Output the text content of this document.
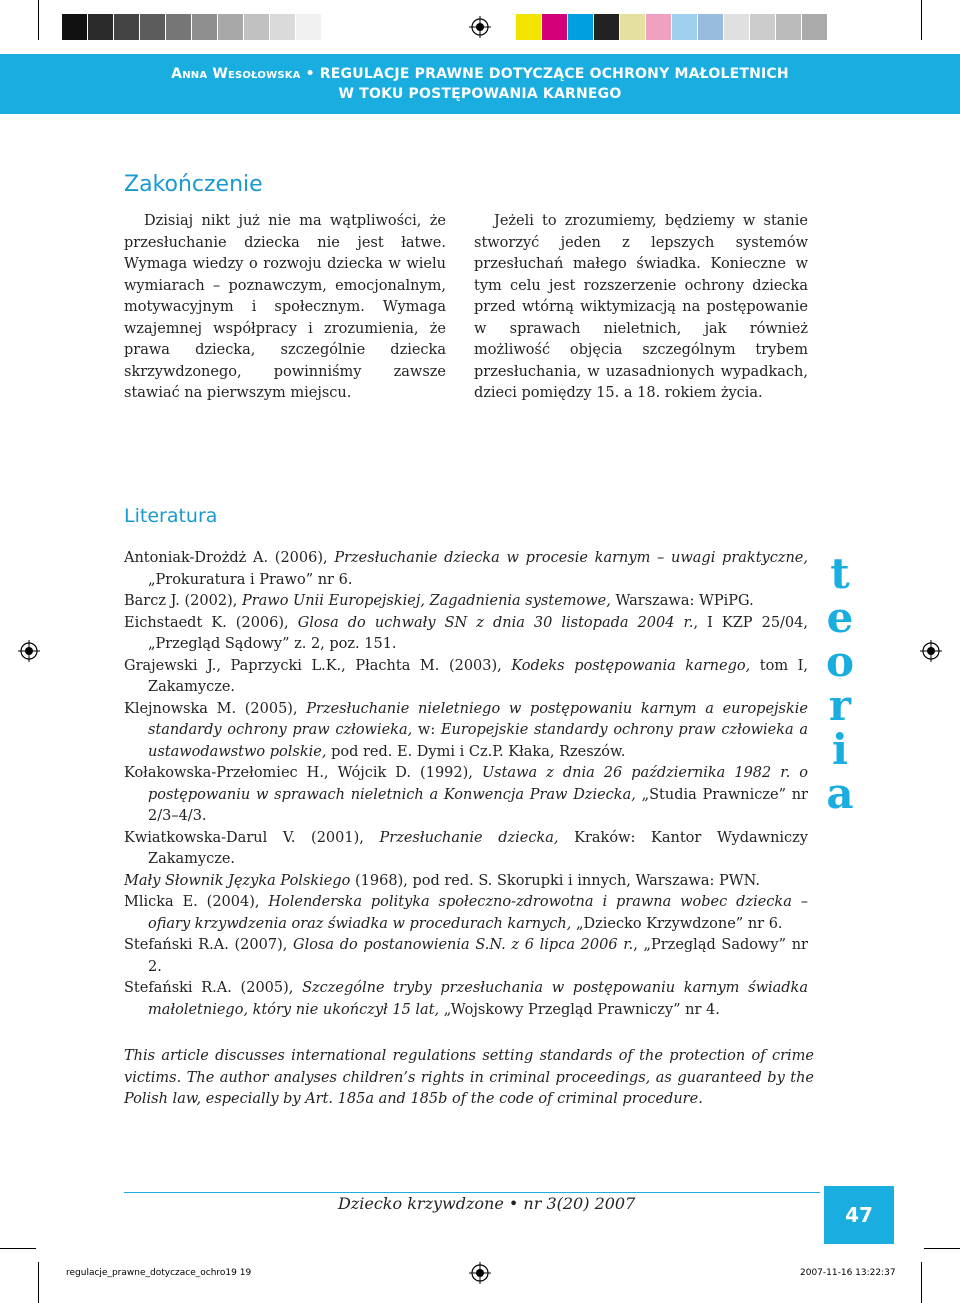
Anna Wesołowska • REGULACJE PRAWNE DOTYCZĄCE OCHRONY MAŁOLETNICH
W TOKU POSTĘPOWANIA KARNEGO
Zakończenie

Dzisiaj nikt już nie ma wątpliwości, że przesłuchanie dziecka nie jest łatwe. Wymaga wiedzy o rozwoju dziecka w wielu wymiarach – poznawczym, emocjonalnym, motywacyjnym i społecznym. Wymaga wzajemnej współpracy i zrozumienia, że prawa dziecka, szczególnie dziecka skrzywdzonego, powinniśmy zawsze stawiać na pierwszym miejscu.

Jeżeli to zrozumiemy, będziemy w stanie stworzyć jeden z lepszych systemów przesłuchań małego świadka. Konieczne w tym celu jest rozszerzenie ochrony dziecka przed wtórną wiktymizacją na postępowanie w sprawach nieletnich, jak również możliwość objęcia szczególnym trybem przesłuchania, w uzasadnionych wypadkach, dzieci pomiędzy 15. a 18. rokiem życia.

Literatura

Antoniak-Drożdż A. (2006), Przesłuchanie dziecka w procesie karnym – uwagi praktyczne, „Prokuratura i Prawo” nr 6.

Barcz J. (2002), Prawo Unii Europejskiej, Zagadnienia systemowe, Warszawa: WPiPG.

Eichstaedt K. (2006), Glosa do uchwały SN z dnia 30 listopada 2004 r., I KZP 25/04, „Przegląd Sądowy” z. 2, poz. 151.

Grajewski J., Paprzycki L.K., Płachta M. (2003), Kodeks postępowania karnego, tom I, Zakamycze.

Klejnowska M. (2005), Przesłuchanie nieletniego w postępowaniu karnym a europejskie standardy ochrony praw człowieka, w: Europejskie standardy ochrony praw człowieka a ustawodawstwo polskie, pod red. E. Dymi i Cz.P. Kłaka, Rzeszów.

Kołakowska-Przełomiec H., Wójcik D. (1992), Ustawa z dnia 26 października 1982 r. o postępowaniu w sprawach nieletnich a Konwencja Praw Dziecka, „Studia Prawnicze” nr 2/3–4/3.

Kwiatkowska-Darul V. (2001), Przesłuchanie dziecka, Kraków: Kantor Wydawniczy Zakamycze.

Mały Słownik Języka Polskiego (1968), pod red. S. Skorupki i innych, Warszawa: PWN.

Mlicka E. (2004), Holenderska polityka społeczno-zdrowotna i prawna wobec dziecka – ofiary krzywdzenia oraz świadka w procedurach karnych, „Dziecko Krzywdzone” nr 6.

Stefański R.A. (2007), Glosa do postanowienia S.N. z 6 lipca 2006 r., „Przegląd Sadowy” nr 2.

Stefański R.A. (2005), Szczególne tryby przesłuchania w postępowaniu karnym świadka małoletniego, który nie ukończył 15 lat, „Wojskowy Przegląd Prawniczy” nr 4.

t
e
o
r
i
a
This article discusses international regulations setting standards of the protection of crime victims. The author analyses children’s rights in criminal proceedings, as guaranteed by the Polish law, especially by Art. 185a and 185b of the code of criminal procedure.
Dziecko krzywdzone • nr 3(20) 2007	47
regulacje_prawne_dotyczace_ochro19 19	2007-11-16 13:22:37
